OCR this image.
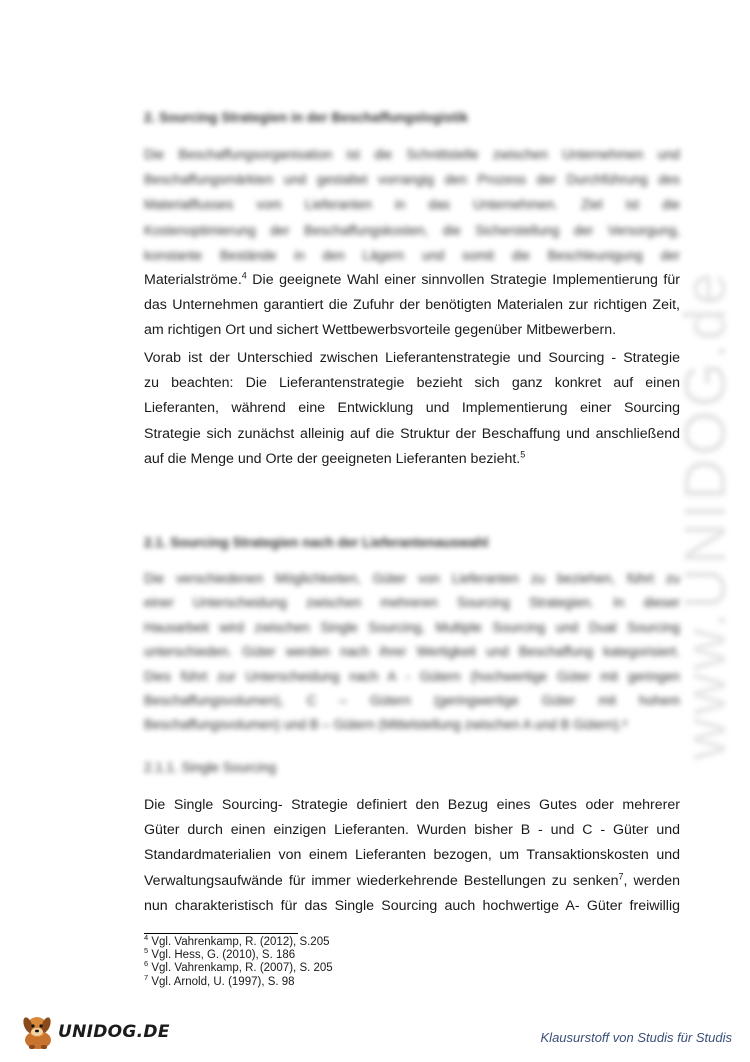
www.UNIDOG.de
2. Sourcing Strategien in der Beschaffungslogistik
Die Beschaffungsorganisation ist die Schnittstelle zwischen Unternehmen und
Beschaffungsmärkten und gestaltet vorrangig den Prozess der Durchführung des
Materialflusses vom Lieferanten in das Unternehmen. Ziel ist die
Kostenoptimierung der Beschaffungskosten, die Sicherstellung der Versorgung,
konstante Bestände in den Lägern und somit die Beschleunigung der
Materialströme.$^4$ Die geeignete Wahl einer sinnvollen Strategie Implementierung für
das Unternehmen garantiert die Zufuhr der benötigten Materialen zur richtigen Zeit,
am richtigen Ort und sichert Wettbewerbsvorteile gegenüber Mitbewerbern.
Vorab ist der Unterschied zwischen Lieferantenstrategie und Sourcing - Strategie
zu beachten: Die Lieferantenstrategie bezieht sich ganz konkret auf einen
Lieferanten, während eine Entwicklung und Implementierung einer Sourcing
Strategie sich zunächst alleinig auf die Struktur der Beschaffung und anschließend
auf die Menge und Orte der geeigneten Lieferanten bezieht.$^5$
2.1. Sourcing Strategien nach der Lieferantenauswahl
Die verschiedenen Möglichkeiten, Güter von Lieferanten zu beziehen, führt zu
einer Unterscheidung zwischen mehreren Sourcing Strategien. In dieser
Hausarbeit wird zwischen Single Sourcing, Multiple Sourcing und Dual Sourcing
unterschieden. Güter werden nach ihrer Wertigkeit und Beschaffung kategorisiert.
Dies führt zur Unterscheidung nach A - Gütern (hochwertige Güter mit geringen
Beschaffungsvolumen), C – Gütern (geringwertige Güter mit hohem
Beschaffungsvolumen) und B – Gütern (Mittelstellung zwischen A und B Gütern).⁶
2.1.1. Single Sourcing
Die Single Sourcing- Strategie definiert den Bezug eines Gutes oder mehrerer
Güter durch einen einzigen Lieferanten. Wurden bisher B - und C - Güter und
Standardmaterialien von einem Lieferanten bezogen, um Transaktionskosten und
Verwaltungsaufwände für immer wiederkehrende Bestellungen zu senken$^7$, werden
nun charakteristisch für das Single Sourcing auch hochwertige A- Güter freiwillig
$^4$ Vgl. Vahrenkamp, R. (2012), S.205
$^5$ Vgl. Hess, G. (2010), S. 186
$^6$ Vgl. Vahrenkamp, R. (2007), S. 205
$^7$ Vgl. Arnold, U. (1997), S. 98
UNIDOG.DE	Klausurstoff von Studis für Studis
